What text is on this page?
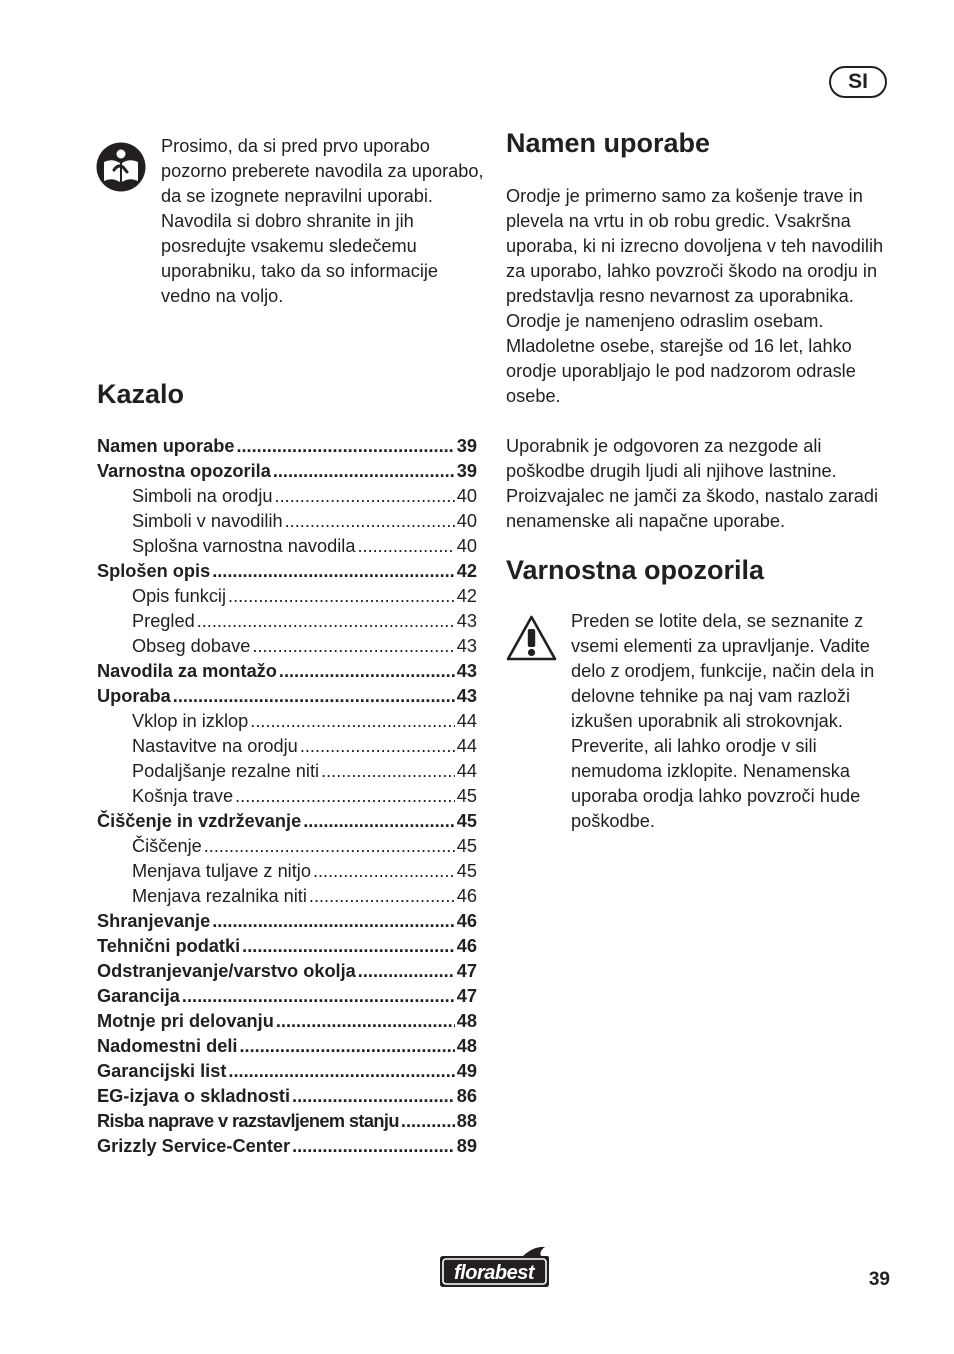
SI

Prosimo, da si pred prvo uporabo pozorno preberete navodila za uporabo, da se izognete nepravilni uporabi. Navodila si dobro shranite in jih posredujte vsakemu sledečemu uporabniku, tako da so informacije vedno na voljo.

Kazalo
Namen uporabe .....	39
Varnostna opozorila .....	39
Simboli na orodju .....	40
Simboli v navodilih .....	40
Splošna varnostna navodila .....	40
Splošen opis .....	42
Opis funkcij .....	42
Pregled .....	43
Obseg dobave .....	43
Navodila za montažo .....	43
Uporaba .....	43
Vklop in izklop .....	44
Nastavitve na orodju .....	44
Podaljšanje rezalne niti .....	44
Košnja trave .....	45
Čiščenje in vzdrževanje .....	45
Čiščenje .....	45
Menjava tuljave z nitjo .....	45
Menjava rezalnika niti .....	46
Shranjevanje .....	46
Tehnični podatki .....	46
Odstranjevanje/varstvo okolja .....	47
Garancija .....	47
Motnje pri delovanju .....	48
Nadomestni deli .....	48
Garancijski list .....	49
EG-izjava o skladnosti .....	86
Risba naprave v razstavljenem stanju .....	88
Grizzly Service-Center .....	89
Namen uporabe

Orodje je primerno samo za košenje trave in plevela na vrtu in ob robu gredic. Vsakršna uporaba, ki ni izrecno dovoljena v teh navodilih za uporabo, lahko povzroči škodo na orodju in predstavlja resno nevarnost za uporabnika. Orodje je namenjeno odraslim osebam. Mladoletne osebe, starejše od 16 let, lahko orodje uporabljajo le pod nadzorom odrasle osebe.

Uporabnik je odgovoren za nezgode ali poškodbe drugih ljudi ali njihove lastnine. Proizvajalec ne jamči za škodo, nastalo zaradi nenamenske ali napačne uporabe.

Varnostna opozorila

Preden se lotite dela, se seznanite z vsemi elementi za upravljanje. Vadite delo z orodjem, funkcije, način dela in delovne tehnike pa naj vam razloži izkušen uporabnik ali strokovnjak. Preverite, ali lahko orodje v sili nemudoma izklopite. Nenamenska uporaba orodja lahko povzroči hude poškodbe.

florabest	39
